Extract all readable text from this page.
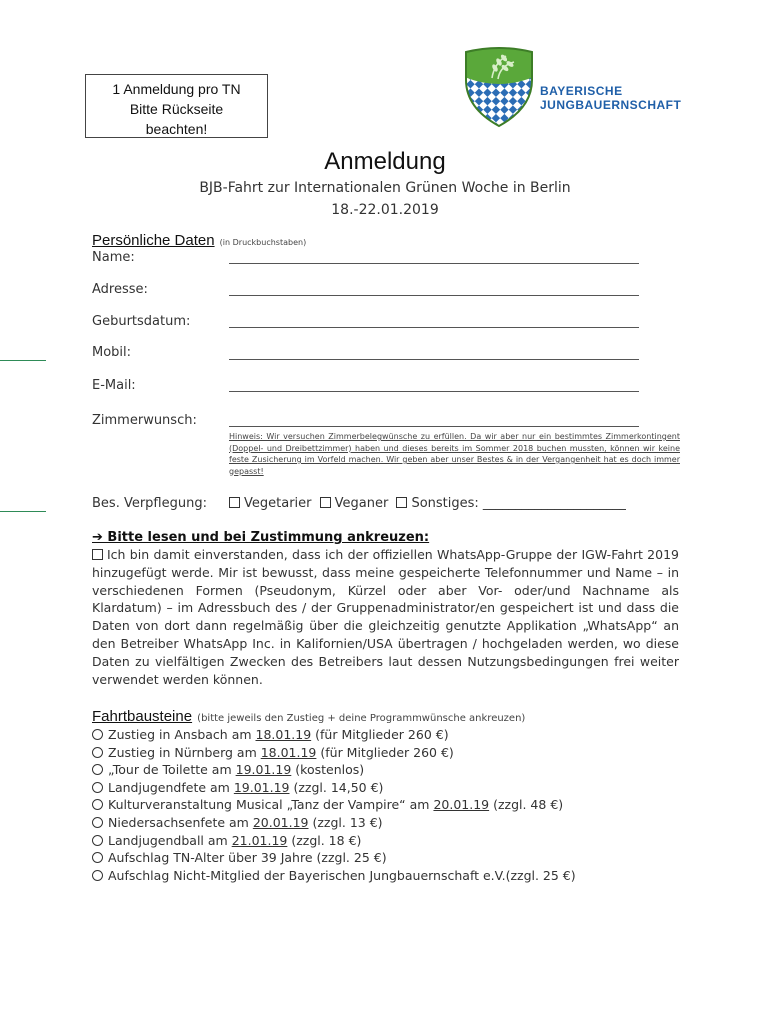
1 Anmeldung pro TN
Bitte Rückseite
beachten!
BAYERISCHE
JUNGBAUERNSCHAFT
Anmeldung
BJB-Fahrt zur Internationalen Grünen Woche in Berlin
18.-22.01.2019
Persönliche Daten (in Druckbuchstaben)
Name:
Adresse:
Geburtsdatum:
Mobil:
E-Mail:
Zimmerwunsch:
Hinweis: Wir versuchen Zimmerbelegwünsche zu erfüllen. Da wir aber nur ein bestimmtes Zimmerkontingent (Doppel- und Dreibettzimmer) haben und dieses bereits im Sommer 2018 buchen mussten, können wir keine feste Zusicherung im Vorfeld machen. Wir geben aber unser Bestes & in der Vergangenheit hat es doch immer gepasst!
Bes. Verpflegung:	Vegetarier Veganer Sonstiges: ______________________
➔ Bitte lesen und bei Zustimmung ankreuzen:
Ich bin damit einverstanden, dass ich der offiziellen WhatsApp-Gruppe der IGW-Fahrt 2019 hinzugefügt werde. Mir ist bewusst, dass meine gespeicherte Telefonnummer und Name – in verschiedenen Formen (Pseudonym, Kürzel oder aber Vor- oder/und Nachname als Klardatum) – im Adressbuch des / der Gruppenadministrator/en gespeichert ist und dass die Daten von dort dann regelmäßig über die gleichzeitig genutzte Applikation „WhatsApp“ an den Betreiber WhatsApp Inc. in Kalifornien/USA übertragen / hochgeladen werden, wo diese Daten zu vielfältigen Zwecken des Betreibers laut dessen Nutzungsbedingungen frei weiter verwendet werden können.
Fahrtbausteine (bitte jeweils den Zustieg + deine Programmwünsche ankreuzen)
Zustieg in Ansbach am 18.01.19 (für Mitglieder 260 €)
Zustieg in Nürnberg am 18.01.19 (für Mitglieder 260 €)
„Tour de Toilette am 19.01.19 (kostenlos)
Landjugendfete am 19.01.19 (zzgl. 14,50 €)
Kulturveranstaltung Musical „Tanz der Vampire“ am 20.01.19 (zzgl. 48 €)
Niedersachsenfete am 20.01.19 (zzgl. 13 €)
Landjugendball am 21.01.19 (zzgl. 18 €)
Aufschlag TN-Alter über 39 Jahre (zzgl. 25 €)
Aufschlag Nicht-Mitglied der Bayerischen Jungbauernschaft e.V.(zzgl. 25 €)
